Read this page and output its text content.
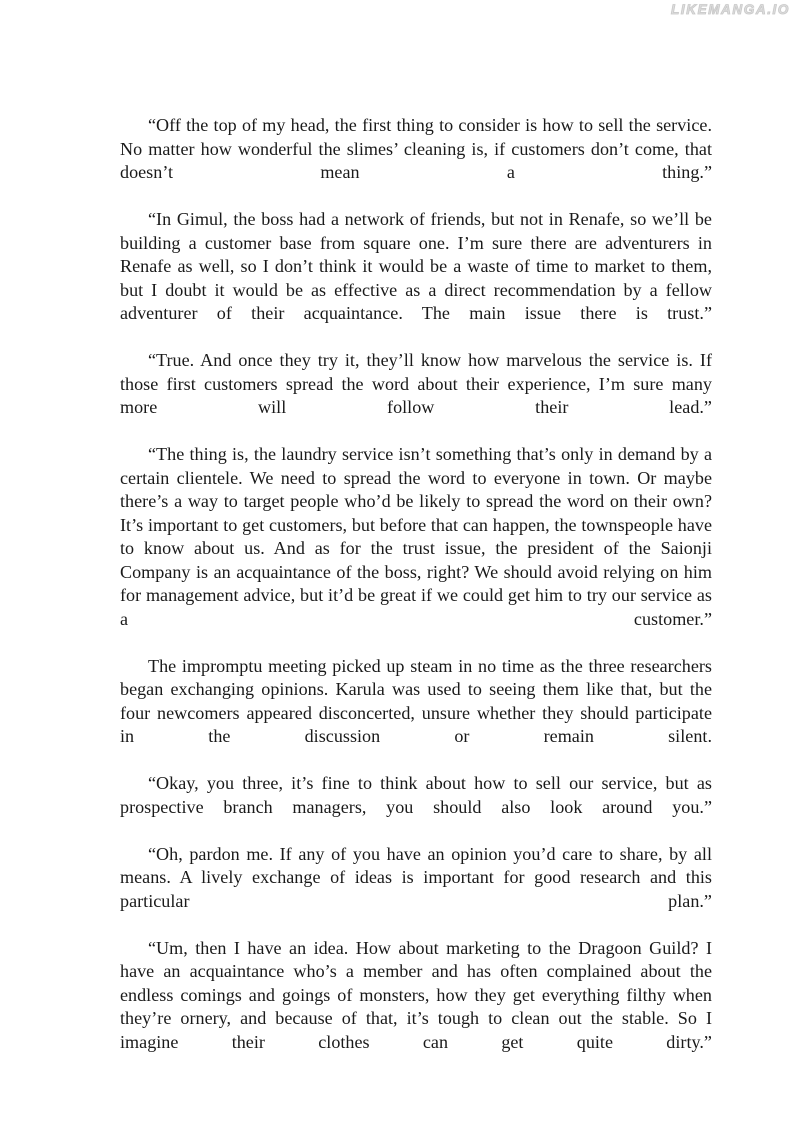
LIKEMANGA.IO

“Off the top of my head, the first thing to consider is how to sell the service. No matter how wonderful the slimes’ cleaning is, if customers don’t come, that doesn’t mean a thing.”

“In Gimul, the boss had a network of friends, but not in Renafe, so we’ll be building a customer base from square one. I’m sure there are adventurers in Renafe as well, so I don’t think it would be a waste of time to market to them, but I doubt it would be as effective as a direct recommendation by a fellow adventurer of their acquaintance. The main issue there is trust.”

“True. And once they try it, they’ll know how marvelous the service is. If those first customers spread the word about their experience, I’m sure many more will follow their lead.”

“The thing is, the laundry service isn’t something that’s only in demand by a certain clientele. We need to spread the word to everyone in town. Or maybe there’s a way to target people who’d be likely to spread the word on their own? It’s important to get customers, but before that can happen, the townspeople have to know about us. And as for the trust issue, the president of the Saionji Company is an acquaintance of the boss, right? We should avoid relying on him for management advice, but it’d be great if we could get him to try our service as a customer.”

The impromptu meeting picked up steam in no time as the three researchers began exchanging opinions. Karula was used to seeing them like that, but the four newcomers appeared disconcerted, unsure whether they should participate in the discussion or remain silent.

“Okay, you three, it’s fine to think about how to sell our service, but as prospective branch managers, you should also look around you.”

“Oh, pardon me. If any of you have an opinion you’d care to share, by all means. A lively exchange of ideas is important for good research and this particular plan.”

“Um, then I have an idea. How about marketing to the Dragoon Guild? I have an acquaintance who’s a member and has often complained about the endless comings and goings of monsters, how they get everything filthy when they’re ornery, and because of that, it’s tough to clean out the stable. So I imagine their clothes can get quite dirty.”
